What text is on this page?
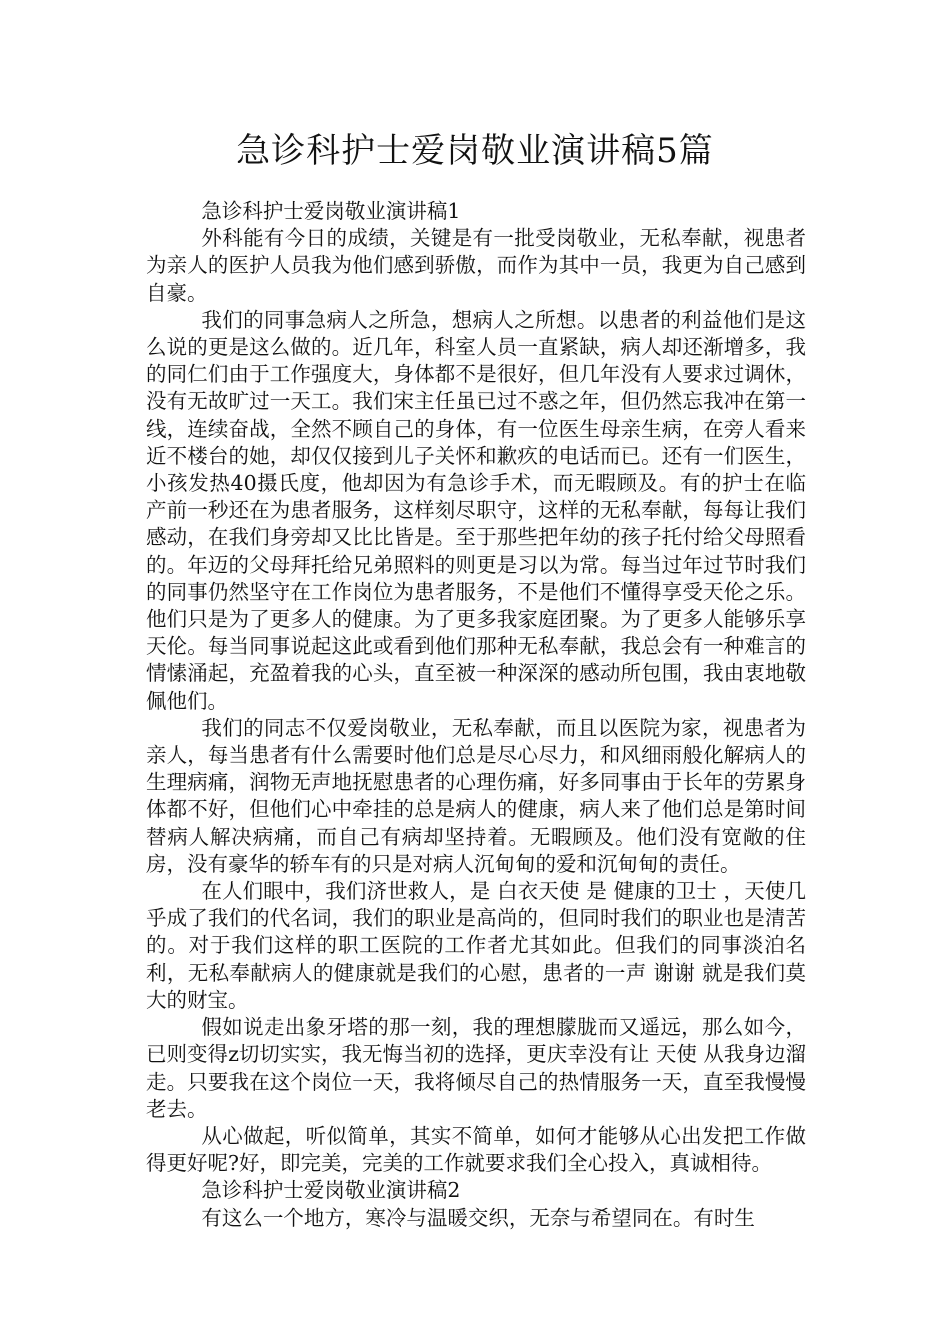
急诊科护士爱岗敬业演讲稿5篇

急诊科护士爱岗敬业演讲稿1

外科能有今日的成绩，关键是有一批受岗敬业，无私奉献，视患者为亲人的医护人员我为他们感到骄傲，而作为其中一员，我更为自己感到自豪。

我们的同事急病人之所急，想病人之所想。以患者的利益他们是这么说的更是这么做的。近几年，科室人员一直紧缺，病人却还渐增多，我的同仁们由于工作强度大，身体都不是很好，但几年没有人要求过调休，没有无故旷过一天工。我们宋主任虽已过不惑之年，但仍然忘我冲在第一线，连续奋战，全然不顾自己的身体，有一位医生母亲生病，在旁人看来近不楼台的她，却仅仅接到儿子关怀和歉疚的电话而已。还有一们医生，小孩发热40摄氏度，他却因为有急诊手术，而无暇顾及。有的护士在临产前一秒还在为患者服务，这样刻尽职守，这样的无私奉献，每每让我们感动，在我们身旁却又比比皆是。至于那些把年幼的孩子托付给父母照看的。年迈的父母拜托给兄弟照料的则更是习以为常。每当过年过节时我们的同事仍然坚守在工作岗位为患者服务，不是他们不懂得享受天伦之乐。他们只是为了更多人的健康。为了更多我家庭团聚。为了更多人能够乐享天伦。每当同事说起这此或看到他们那种无私奉献，我总会有一种难言的情愫涌起，充盈着我的心头，直至被一种深深的感动所包围，我由衷地敬佩他们。

我们的同志不仅爱岗敬业，无私奉献，而且以医院为家，视患者为亲人，每当患者有什么需要时他们总是尽心尽力，和风细雨般化解病人的生理病痛，润物无声地抚慰患者的心理伤痛，好多同事由于长年的劳累身体都不好，但他们心中牵挂的总是病人的健康，病人来了他们总是第时间替病人解决病痛，而自己有病却坚持着。无暇顾及。他们没有宽敞的住房，没有豪华的轿车有的只是对病人沉甸甸的爱和沉甸甸的责任。

在人们眼中，我们济世救人，是 白衣天使 是 健康的卫士 ，天使几乎成了我们的代名词，我们的职业是高尚的，但同时我们的职业也是清苦的。对于我们这样的职工医院的工作者尤其如此。但我们的同事淡泊名利，无私奉献病人的健康就是我们的心慰，患者的一声 谢谢 就是我们莫大的财宝。

假如说走出象牙塔的那一刻，我的理想朦胧而又遥远，那么如今，已则变得z切切实实，我无悔当初的选择，更庆幸没有让 天使 从我身边溜走。只要我在这个岗位一天，我将倾尽自己的热情服务一天，直至我慢慢老去。

从心做起，听似简单，其实不简单，如何才能够从心出发把工作做得更好呢?好，即完美，完美的工作就要求我们全心投入，真诚相待。

急诊科护士爱岗敬业演讲稿2

有这么一个地方，寒冷与温暖交织，无奈与希望同在。有时生
